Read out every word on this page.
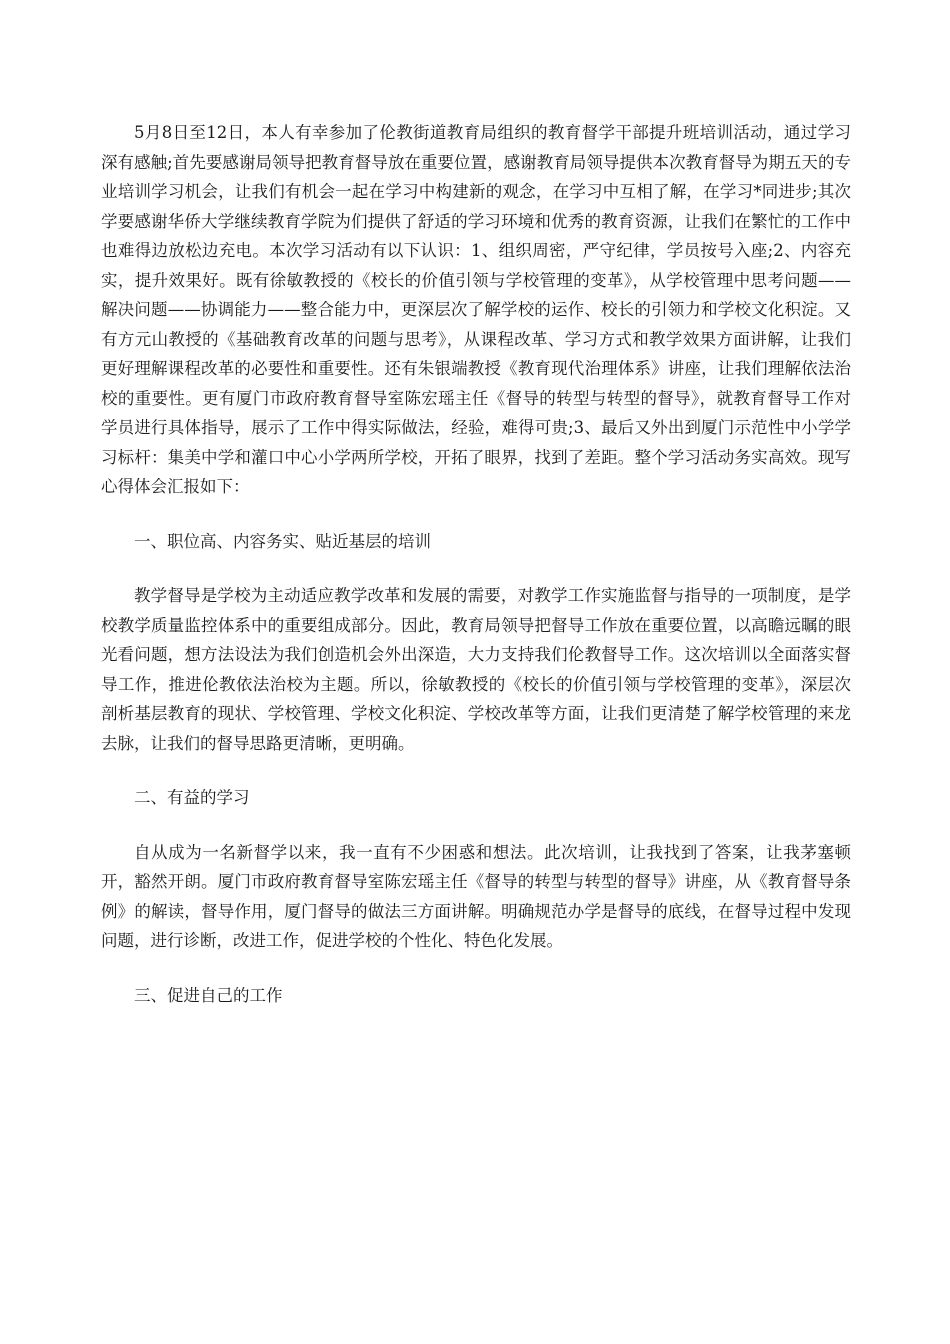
5月8日至12日，本人有幸参加了伦教街道教育局组织的教育督学干部提升班培训活动，通过学习深有感触;首先要感谢局领导把教育督导放在重要位置，感谢教育局领导提供本次教育督导为期五天的专业培训学习机会，让我们有机会一起在学习中构建新的观念，在学习中互相了解，在学习*同进步;其次学要感谢华侨大学继续教育学院为们提供了舒适的学习环境和优秀的教育资源，让我们在繁忙的工作中也难得边放松边充电。本次学习活动有以下认识：1、组织周密，严守纪律，学员按号入座;2、内容充实，提升效果好。既有徐敏教授的《校长的价值引领与学校管理的变革》，从学校管理中思考问题——解决问题——协调能力——整合能力中，更深层次了解学校的运作、校长的引领力和学校文化积淀。又有方元山教授的《基础教育改革的问题与思考》，从课程改革、学习方式和教学效果方面讲解，让我们更好理解课程改革的必要性和重要性。还有朱银端教授《教育现代治理体系》讲座，让我们理解依法治校的重要性。更有厦门市政府教育督导室陈宏瑶主任《督导的转型与转型的督导》，就教育督导工作对学员进行具体指导，展示了工作中得实际做法，经验，难得可贵;3、最后又外出到厦门示范性中小学学习标杆：集美中学和灌口中心小学两所学校，开拓了眼界，找到了差距。整个学习活动务实高效。现写心得体会汇报如下：

一、职位高、内容务实、贴近基层的培训

教学督导是学校为主动适应教学改革和发展的需要，对教学工作实施监督与指导的一项制度，是学校教学质量监控体系中的重要组成部分。因此，教育局领导把督导工作放在重要位置，以高瞻远瞩的眼光看问题，想方法设法为我们创造机会外出深造，大力支持我们伦教督导工作。这次培训以全面落实督导工作，推进伦教依法治校为主题。所以，徐敏教授的《校长的价值引领与学校管理的变革》，深层次剖析基层教育的现状、学校管理、学校文化积淀、学校改革等方面，让我们更清楚了解学校管理的来龙去脉，让我们的督导思路更清晰，更明确。

二、有益的学习

自从成为一名新督学以来，我一直有不少困惑和想法。此次培训，让我找到了答案，让我茅塞顿开，豁然开朗。厦门市政府教育督导室陈宏瑶主任《督导的转型与转型的督导》讲座，从《教育督导条例》的解读，督导作用，厦门督导的做法三方面讲解。明确规范办学是督导的底线，在督导过程中发现问题，进行诊断，改进工作，促进学校的个性化、特色化发展。

三、促进自己的工作
